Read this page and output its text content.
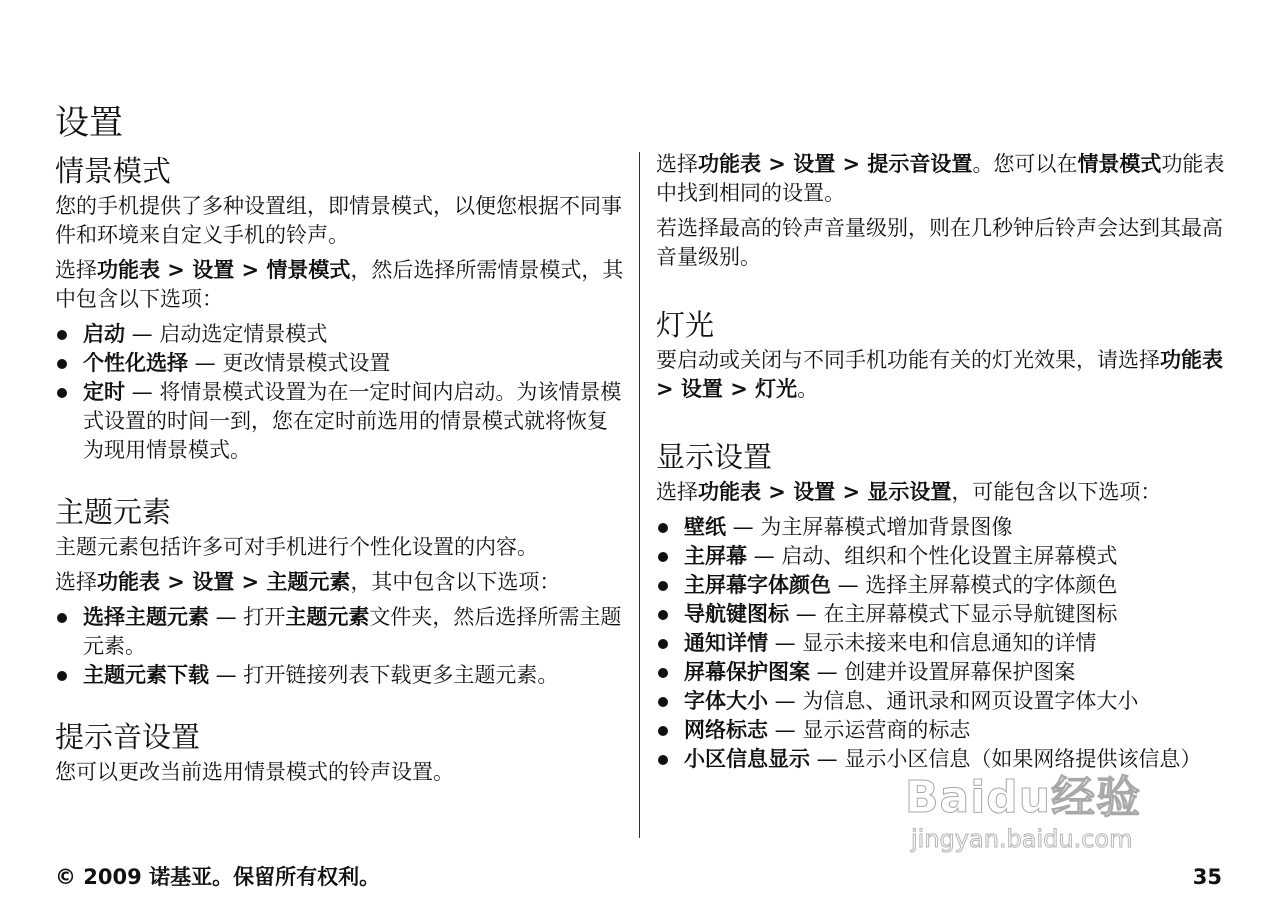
设置
情景模式

您的手机提供了多种设置组，即情景模式，以便您根据不同事件和环境来自定义手机的铃声。

选择功能表 > 设置 > 情景模式，然后选择所需情景模式，其中包含以下选项：

启动 — 启动选定情景模式
个性化选择 — 更改情景模式设置
定时 — 将情景模式设置为在一定时间内启动。为该情景模式设置的时间一到，您在定时前选用的情景模式就将恢复为现用情景模式。
主题元素

主题元素包括许多可对手机进行个性化设置的内容。

选择功能表 > 设置 > 主题元素，其中包含以下选项：

选择主题元素 — 打开主题元素文件夹，然后选择所需主题元素。
主题元素下载 — 打开链接列表下载更多主题元素。
提示音设置

您可以更改当前选用情景模式的铃声设置。

选择功能表 > 设置 > 提示音设置。您可以在情景模式功能表中找到相同的设置。

若选择最高的铃声音量级别，则在几秒钟后铃声会达到其最高音量级别。

灯光

要启动或关闭与不同手机功能有关的灯光效果，请选择功能表 > 设置 > 灯光。

显示设置

选择功能表 > 设置 > 显示设置，可能包含以下选项：

壁纸 — 为主屏幕模式增加背景图像
主屏幕 — 启动、组织和个性化设置主屏幕模式
主屏幕字体颜色 — 选择主屏幕模式的字体颜色
导航键图标 — 在主屏幕模式下显示导航键图标
通知详情 — 显示未接来电和信息通知的详情
屏幕保护图案 — 创建并设置屏幕保护图案
字体大小 — 为信息、通讯录和网页设置字体大小
网络标志 — 显示运营商的标志
小区信息显示 — 显示小区信息（如果网络提供该信息）
Baidu经验
jingyan.baidu.com
© 2009 诺基亚。保留所有权利。	35
